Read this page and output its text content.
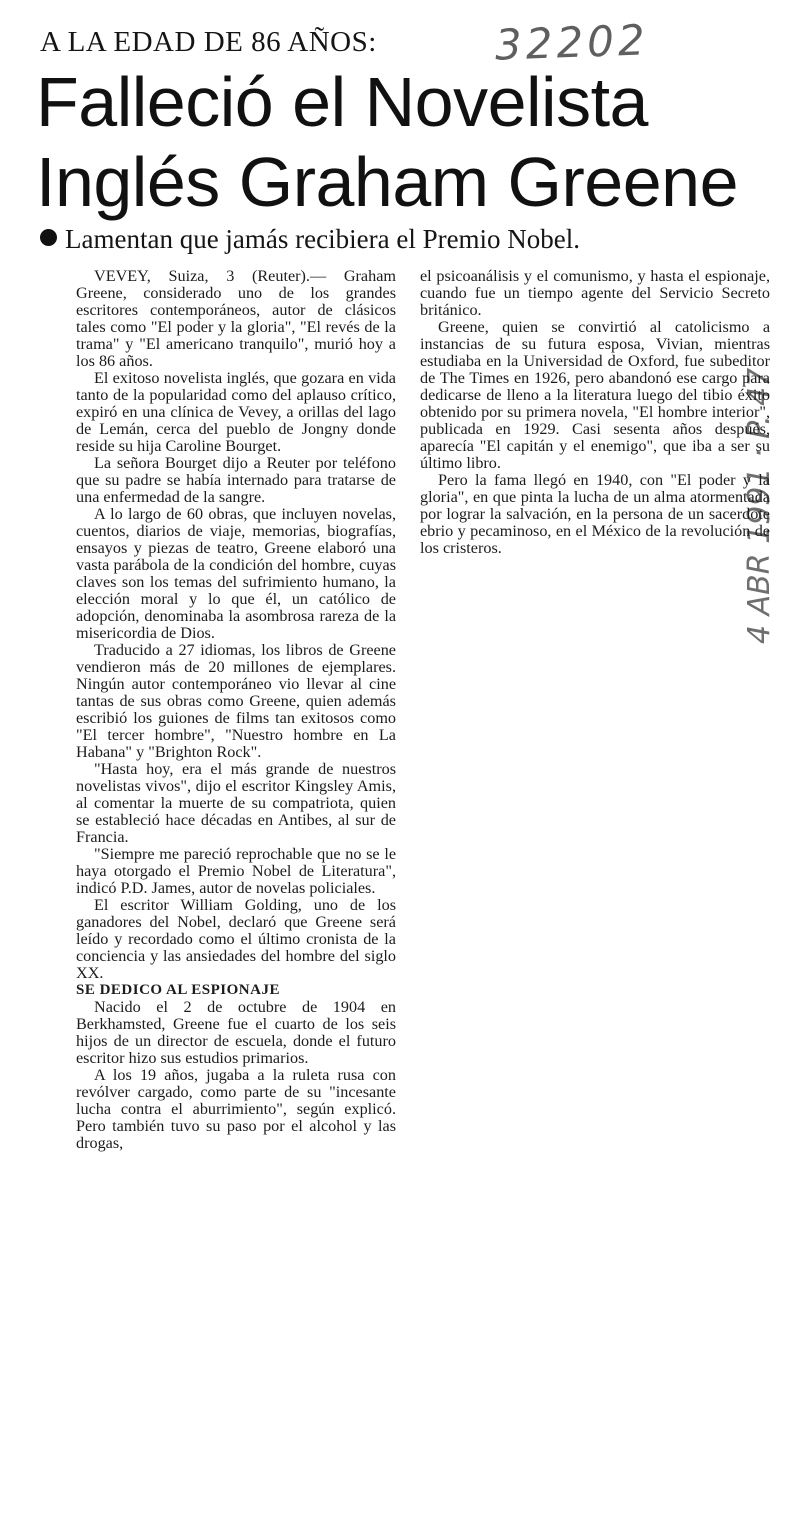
A LA EDAD DE 86 AÑOS:	32202
Falleció el Novelista Inglés Graham Greene
Lamentan que jamás recibiera el Premio Nobel.
4 ABR 1991 · P. 47

VEVEY, Suiza, 3 (Reuter).— Graham Greene, considerado uno de los grandes escritores contemporáneos, autor de clásicos tales como "El poder y la gloria", "El revés de la trama" y "El americano tranquilo", murió hoy a los 86 años.

El exitoso novelista inglés, que gozara en vida tanto de la popularidad como del aplauso crítico, expiró en una clínica de Vevey, a orillas del lago de Lemán, cerca del pueblo de Jongny donde reside su hija Caroline Bourget.

La señora Bourget dijo a Reuter por teléfono que su padre se había internado para tratarse de una enfermedad de la sangre.

A lo largo de 60 obras, que incluyen novelas, cuentos, diarios de viaje, memorias, biografías, ensayos y piezas de teatro, Greene elaboró una vasta parábola de la condición del hombre, cuyas claves son los temas del sufrimiento humano, la elección moral y lo que él, un católico de adopción, denominaba la asombrosa rareza de la misericordia de Dios.

Traducido a 27 idiomas, los libros de Greene vendieron más de 20 millones de ejemplares. Ningún autor contemporáneo vio llevar al cine tantas de sus obras como Greene, quien además escribió los guiones de films tan exitosos como "El tercer hombre", "Nuestro hombre en La Habana" y "Brighton Rock".

"Hasta hoy, era el más grande de nuestros novelistas vivos", dijo el escritor Kingsley Amis, al comentar la muerte de su compatriota, quien se estableció hace décadas en Antibes, al sur de Francia.

"Siempre me pareció reprochable que no se le haya otorgado el Premio Nobel de Literatura", indicó P.D. James, autor de novelas policiales.

El escritor William Golding, uno de los ganadores del Nobel, declaró que Greene será leído y recordado como el último cronista de la conciencia y las ansiedades del hombre del siglo XX.

SE DEDICO AL ESPIONAJE

Nacido el 2 de octubre de 1904 en Berkhamsted, Greene fue el cuarto de los seis hijos de un director de escuela, donde el futuro escritor hizo sus estudios primarios.

A los 19 años, jugaba a la ruleta rusa con revólver cargado, como parte de su "incesante lucha contra el aburrimiento", según explicó. Pero también tuvo su paso por el alcohol y las drogas,

el psicoanálisis y el comunismo, y hasta el espionaje, cuando fue un tiempo agente del Servicio Secreto británico.

Greene, quien se convirtió al catolicismo a instancias de su futura esposa, Vivian, mientras estudiaba en la Universidad de Oxford, fue subeditor de The Times en 1926, pero abandonó ese cargo para dedicarse de lleno a la literatura luego del tibio éxito obtenido por su primera novela, "El hombre interior", publicada en 1929. Casi sesenta años después, aparecía "El capitán y el enemigo", que iba a ser su último libro.

Pero la fama llegó en 1940, con "El poder y la gloria", en que pinta la lucha de un alma atormentada por lograr la salvación, en la persona de un sacerdote ebrio y pecaminoso, en el México de la revolución de los cristeros.
